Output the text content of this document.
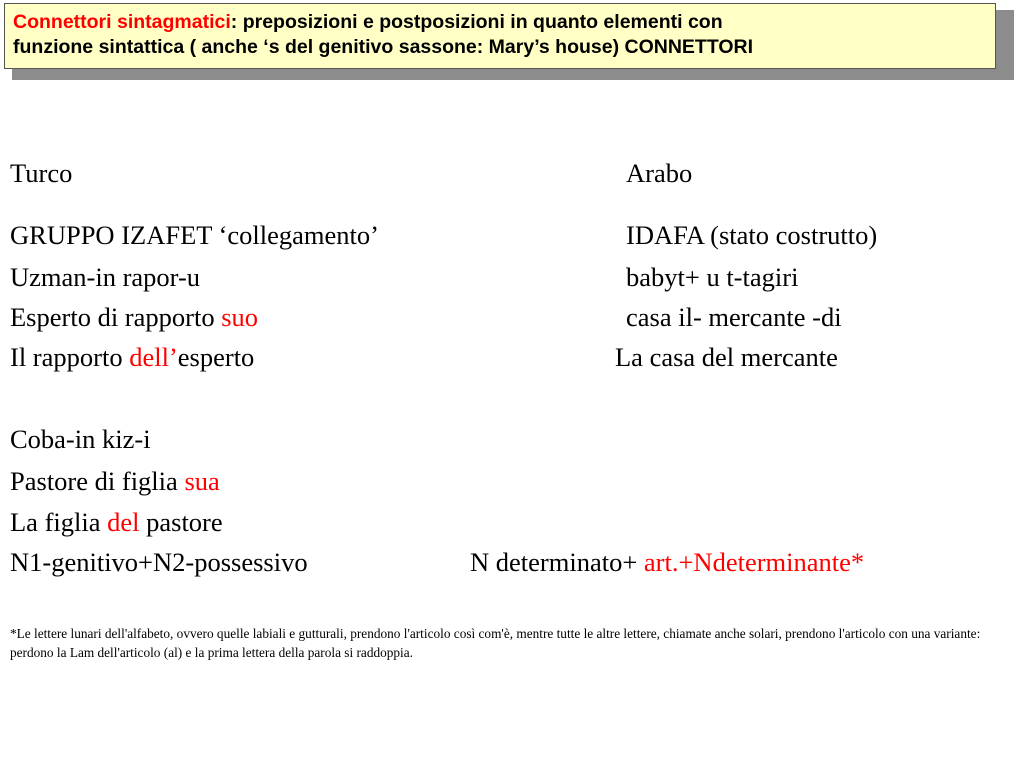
Connettori sintagmatici: preposizioni e postposizioni in quanto elementi con
funzione sintattica ( anche ‘s del genitivo sassone: Mary’s house) CONNETTORI
Turco
GRUPPO IZAFET ‘collegamento’
Uzman-in rapor-u
Esperto di rapporto suo
Il rapporto dell’esperto
Coba-in kiz-i
Pastore di figlia sua
La figlia del pastore
N1-genitivo+N2-possessivo
Arabo
IDAFA (stato costrutto)
babyt+ u t-tagiri
casa il- mercante -di
La casa del mercante
N determinato+ art.+Ndeterminante*
*Le lettere lunari dell'alfabeto, ovvero quelle labiali e gutturali, prendono l'articolo così com'è, mentre tutte le altre lettere, chiamate anche solari, prendono l'articolo con una variante: perdono la Lam dell'articolo (al) e la prima lettera della parola si raddoppia.
